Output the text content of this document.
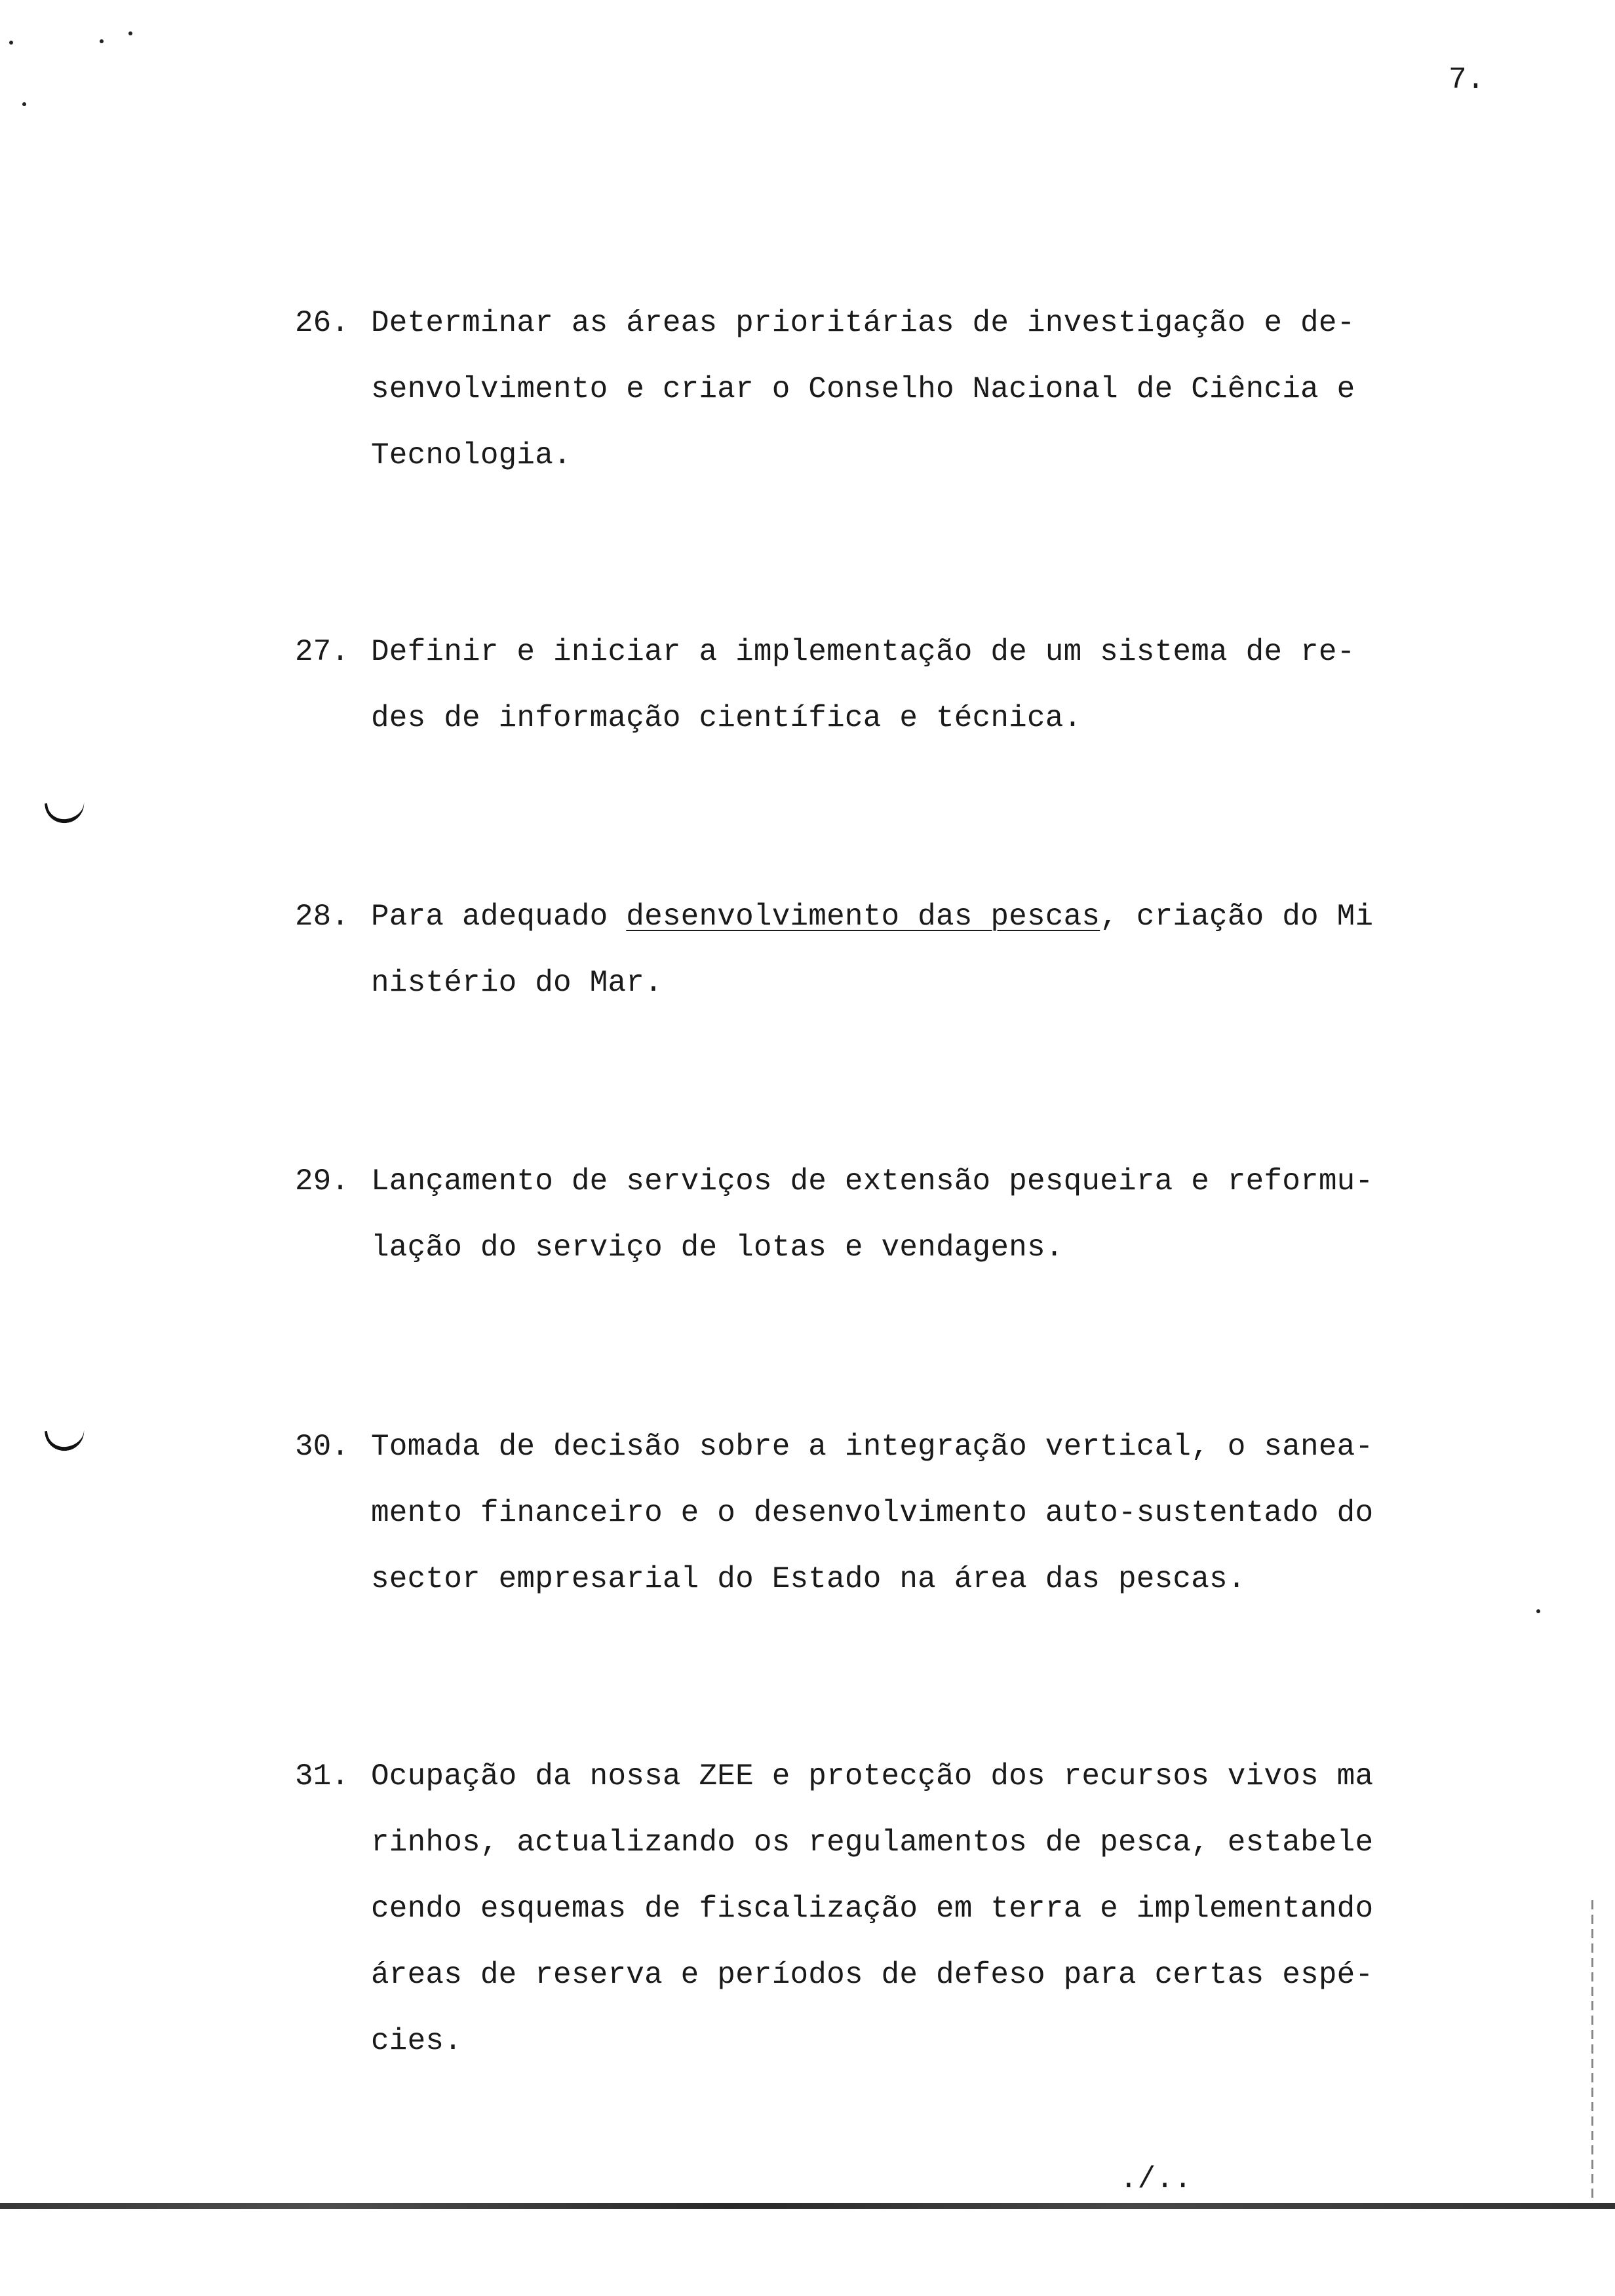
7.
26. Determinar as áreas prioritárias de investigação e de-
senvolvimento e criar o Conselho Nacional de Ciência e
Tecnologia.
27. Definir e iniciar a implementação de um sistema de re-
des de informação científica e técnica.
28. Para adequado desenvolvimento das pescas, criação do Mi
nistério do Mar.
29. Lançamento de serviços de extensão pesqueira e reformu-
lação do serviço de lotas e vendagens.
30. Tomada de decisão sobre a integração vertical, o sanea-
mento financeiro e o desenvolvimento auto-sustentado do
sector empresarial do Estado na área das pescas.
31. Ocupação da nossa ZEE e protecção dos recursos vivos ma
rinhos, actualizando os regulamentos de pesca, estabele
cendo esquemas de fiscalização em terra e implementando
áreas de reserva e períodos de defeso para certas espé-
cies.
./..
